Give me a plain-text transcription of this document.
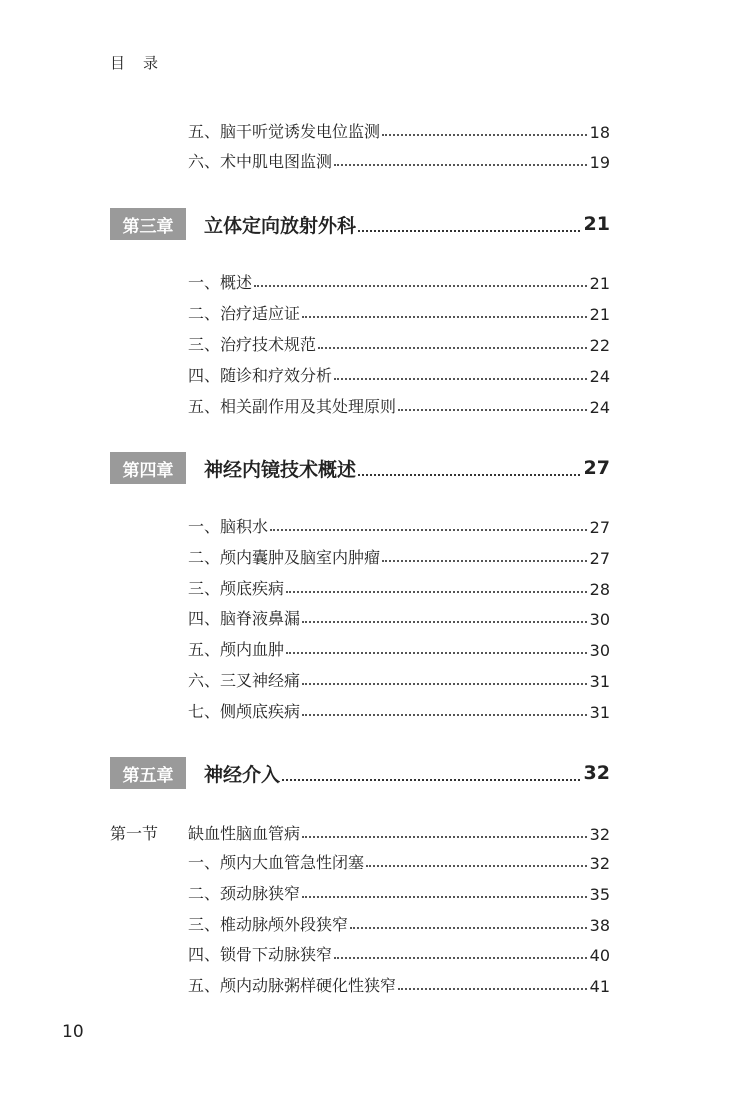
目录
五、脑干听觉诱发电位监测	18
六、术中肌电图监测	19
第三章	立体定向放射外科	21
一、概述	21
二、治疗适应证	21
三、治疗技术规范	22
四、随诊和疗效分析	24
五、相关副作用及其处理原则	24
第四章	神经内镜技术概述	27
一、脑积水	27
二、颅内囊肿及脑室内肿瘤	27
三、颅底疾病	28
四、脑脊液鼻漏	30
五、颅内血肿	30
六、三叉神经痛	31
七、侧颅底疾病	31
第五章	神经介入	32
第一节	缺血性脑血管病	32
一、颅内大血管急性闭塞	32
二、颈动脉狭窄	35
三、椎动脉颅外段狭窄	38
四、锁骨下动脉狭窄	40
五、颅内动脉粥样硬化性狭窄	41
10
